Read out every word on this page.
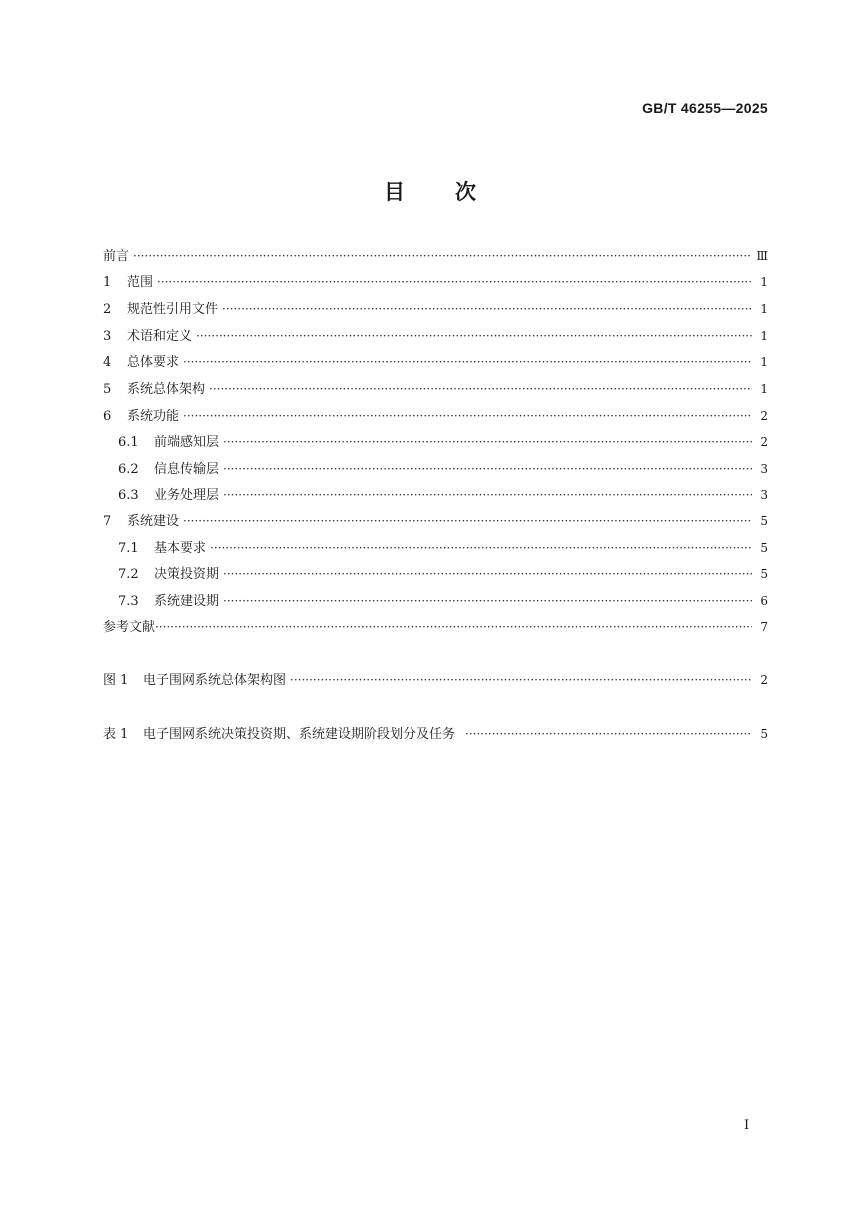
GB/T 46255—2025
目 次
前言 ·····	Ⅲ
1	范围 ·····	1
2	规范性引用文件 ·····	1
3	术语和定义 ·····	1
4	总体要求 ·····	1
5	系统总体架构 ·····	1
6	系统功能 ·····	2
6.1	前端感知层 ·····	2
6.2	信息传输层 ·····	3
6.3	业务处理层 ·····	3
7	系统建设 ·····	5
7.1	基本要求 ·····	5
7.2	决策投资期 ·····	5
7.3	系统建设期 ·····	6
参考文献 ·····	7
图 1	电子围网系统总体架构图 ·····	2
表 1	电子围网系统决策投资期、系统建设期阶段划分及任务 ·····	5
I
